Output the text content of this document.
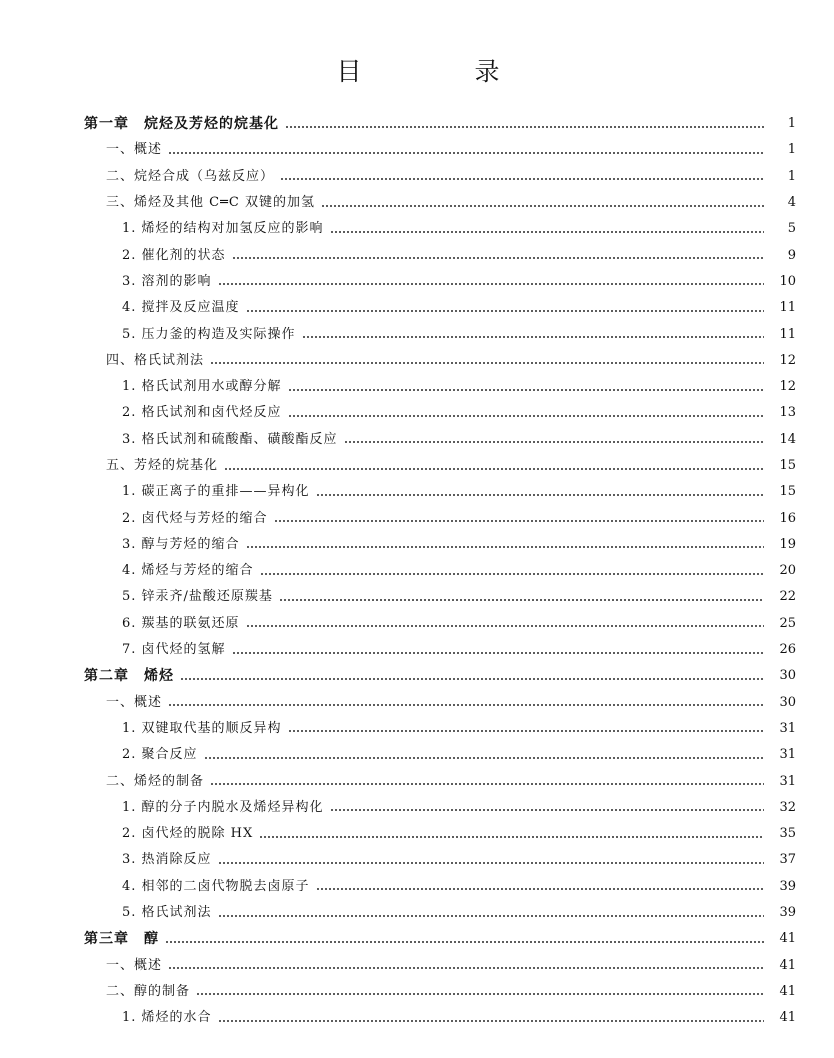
目　录
第一章　烷烃及芳烃的烷基化	1
一、概述	1
二、烷烃合成（乌兹反应）	1
三、烯烃及其他 C═C 双键的加氢	4
1. 烯烃的结构对加氢反应的影响	5
2. 催化剂的状态	9
3. 溶剂的影响	10
4. 搅拌及反应温度	11
5. 压力釜的构造及实际操作	11
四、格氏试剂法	12
1. 格氏试剂用水或醇分解	12
2. 格氏试剂和卤代烃反应	13
3. 格氏试剂和硫酸酯、磺酸酯反应	14
五、芳烃的烷基化	15
1. 碳正离子的重排——异构化	15
2. 卤代烃与芳烃的缩合	16
3. 醇与芳烃的缩合	19
4. 烯烃与芳烃的缩合	20
5. 锌汞齐/盐酸还原羰基	22
6. 羰基的联氨还原	25
7. 卤代烃的氢解	26
第二章　烯烃	30
一、概述	30
1. 双键取代基的顺反异构	31
2. 聚合反应	31
二、烯烃的制备	31
1. 醇的分子内脱水及烯烃异构化	32
2. 卤代烃的脱除 HX	35
3. 热消除反应	37
4. 相邻的二卤代物脱去卤原子	39
5. 格氏试剂法	39
第三章　醇	41
一、概述	41
二、醇的制备	41
1. 烯烃的水合	41
